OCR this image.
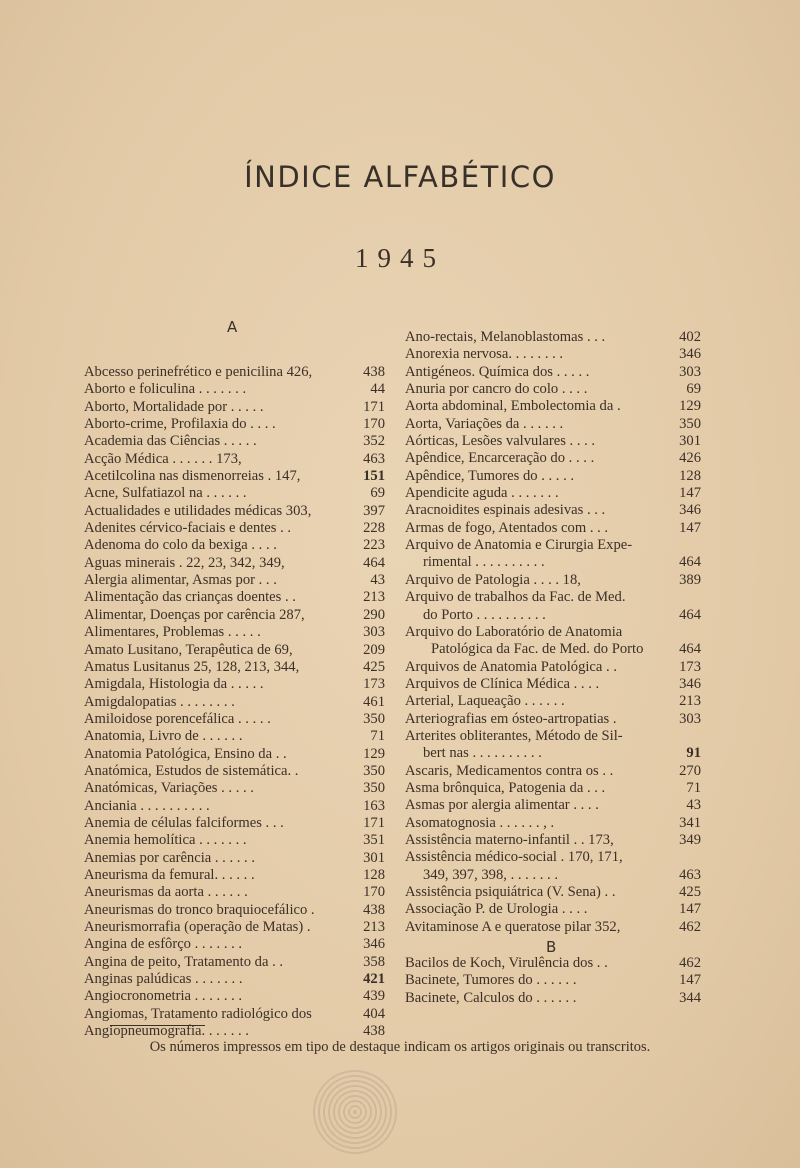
ÍNDICE ALFABÉTICO
1945
A
Abcesso perinefrético e penicilina 426,	438
Aborto e foliculina . . . . . . .	44
Aborto, Mortalidade por . . . . .	171
Aborto-crime, Profilaxia do . . . .	170
Academia das Ciências . . . . .	352
Acção Médica . . . . . . 173,	463
Acetilcolina nas dismenorreias . 147,	151
Acne, Sulfatiazol na . . . . . .	69
Actualidades e utilidades médicas 303,	397
Adenites cérvico-faciais e dentes . .	228
Adenoma do colo da bexiga . . . .	223
Aguas minerais . 22, 23, 342, 349,	464
Alergia alimentar, Asmas por . . .	43
Alimentação das crianças doentes . .	213
Alimentar, Doenças por carência 287,	290
Alimentares, Problemas . . . . .	303
Amato Lusitano, Terapêutica de 69,	209
Amatus Lusitanus 25, 128, 213, 344,	425
Amigdala, Histologia da . . . . .	173
Amigdalopatias . . . . . . . .	461
Amiloidose porencefálica . . . . .	350
Anatomia, Livro de . . . . . .	71
Anatomia Patológica, Ensino da . .	129
Anatómica, Estudos de sistemática. .	350
Anatómicas, Variações . . . . .	350
Anciania . . . . . . . . . .	163
Anemia de células falciformes . . .	171
Anemia hemolítica . . . . . . .	351
Anemias por carência . . . . . .	301
Aneurisma da femural. . . . . .	128
Aneurismas da aorta . . . . . .	170
Aneurismas do tronco braquiocefálico .	438
Aneurismorrafia (operação de Matas) .	213
Angina de esfôrço . . . . . . .	346
Angina de peito, Tratamento da . .	358
Anginas palúdicas . . . . . . .	421
Angiocronometria . . . . . . .	439
Angiomas, Tratamento radiológico dos	404
Angiopneumografia. . . . . . .	438
Ano-rectais, Melanoblastomas . . .	402
Anorexia nervosa. . . . . . . .	346
Antigéneos. Química dos . . . . .	303
Anuria por cancro do colo . . . .	69
Aorta abdominal, Embolectomia da .	129
Aorta, Variações da . . . . . .	350
Aórticas, Lesões valvulares . . . .	301
Apêndice, Encarceração do . . . .	426
Apêndice, Tumores do . . . . .	128
Apendicite aguda . . . . . . .	147
Aracnoidites espinais adesivas . . .	346
Armas de fogo, Atentados com . . .	147
Arquivo de Anatomia e Cirurgia Expe-
rimental . . . . . . . . . .	464
Arquivo de Patologia . . . . 18,	389
Arquivo de trabalhos da Fac. de Med.
do Porto . . . . . . . . . .	464
Arquivo do Laboratório de Anatomia
Patológica da Fac. de Med. do Porto	464
Arquivos de Anatomia Patológica . .	173
Arquivos de Clínica Médica . . . .	346
Arterial, Laqueação . . . . . .	213
Arteriografias em ósteo-artropatias .	303
Arterites obliterantes, Método de Sil-
bert nas . . . . . . . . . .	91
Ascaris, Medicamentos contra os . .	270
Asma brônquica, Patogenia da . . .	71
Asmas por alergia alimentar . . . .	43
Asomatognosia . . . . . . , .	341
Assistência materno-infantil . . 173,	349
Assistência médico-social . 170, 171,
349, 397, 398, . . . . . . .	463
Assistência psiquiátrica (V. Sena) . .	425
Associação P. de Urologia . . . .	147
Avitaminose A e queratose pilar 352,	462
B
Bacilos de Koch, Virulência dos . .	462
Bacinete, Tumores do . . . . . .	147
Bacinete, Calculos do . . . . . .	344
Os números impressos em tipo de destaque indicam os artigos originais ou transcritos.
